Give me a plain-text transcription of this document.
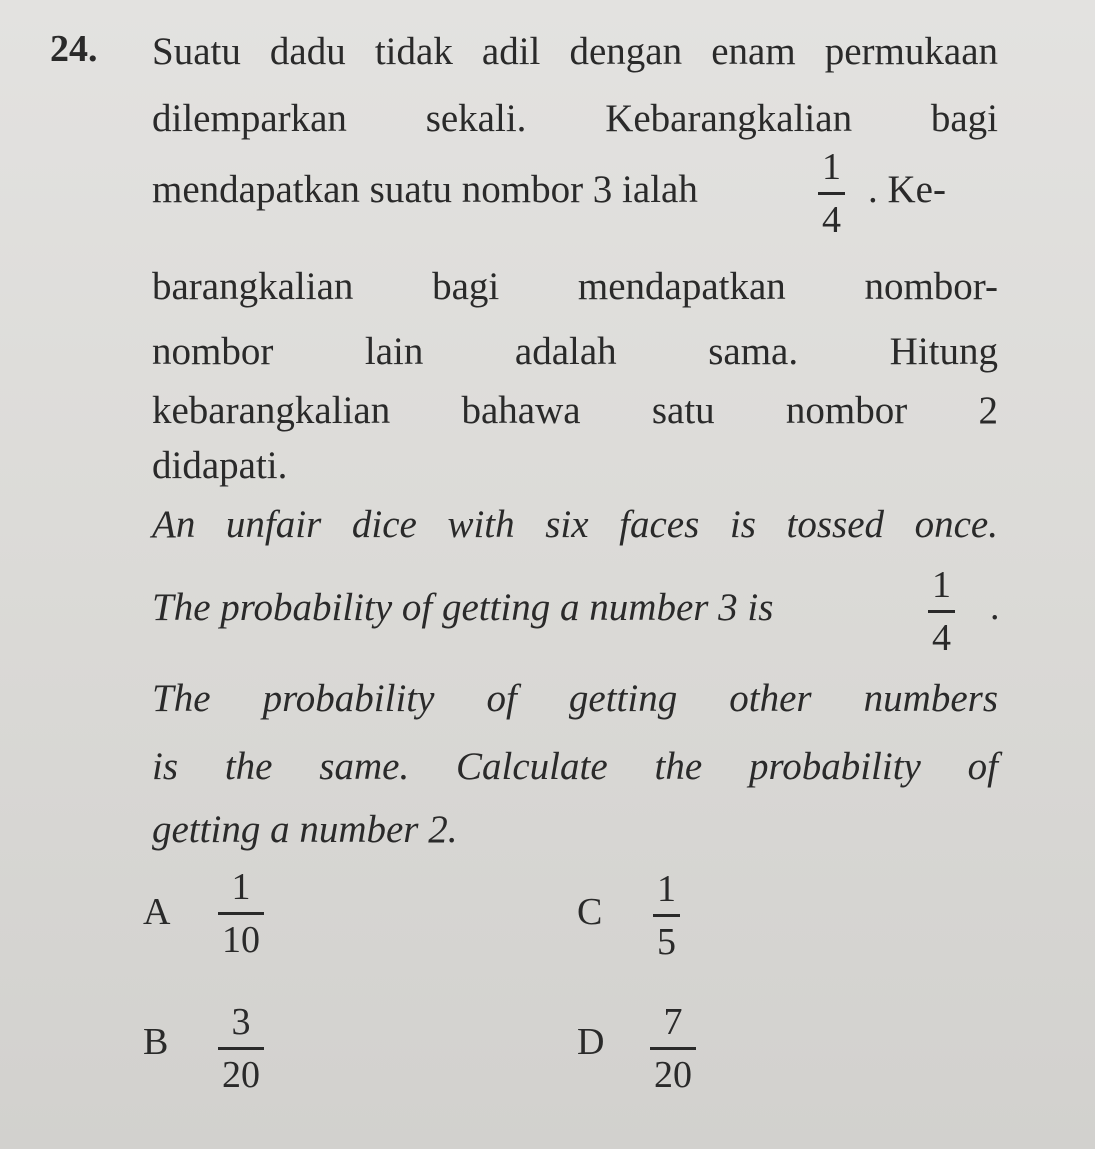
24. Suatu dadu tidak adil dengan enam permukaan
dilemparkan sekali. Kebarangkalian bagi
mendapatkan suatu nombor 3 ialah
1
4
. Ke-
barangkalian bagi mendapatkan nombor-
nombor lain adalah sama. Hitung
kebarangkalian bahawa satu nombor 2
didapati.
An unfair dice with six faces is tossed once.
The probability of getting a number 3 is
1
4
.
The probability of getting other numbers
is the same. Calculate the probability of
getting a number 2.
A
1
10
B 3
20
C
1
5
D 7
20
